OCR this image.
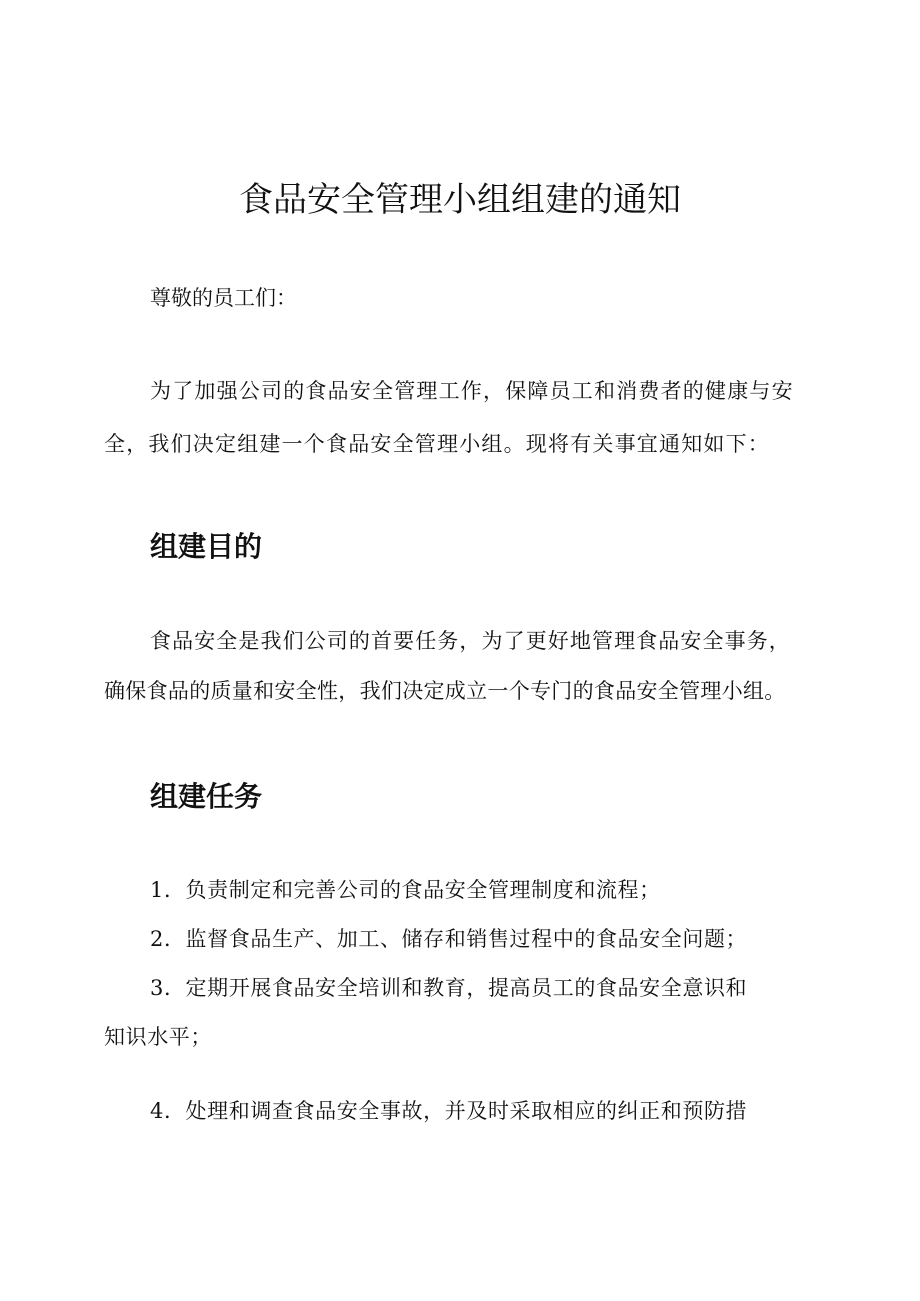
食品安全管理小组组建的通知

尊敬的员工们：

为了加强公司的食品安全管理工作，保障员工和消费者的健康与安

全，我们决定组建一个食品安全管理小组。现将有关事宜通知如下：

组建目的

食品安全是我们公司的首要任务，为了更好地管理食品安全事务，

确保食品的质量和安全性，我们决定成立一个专门的食品安全管理小组。

组建任务

1．负责制定和完善公司的食品安全管理制度和流程；

2．监督食品生产、加工、储存和销售过程中的食品安全问题；

3．定期开展食品安全培训和教育，提高员工的食品安全意识和

知识水平；

4．处理和调查食品安全事故，并及时采取相应的纠正和预防措
